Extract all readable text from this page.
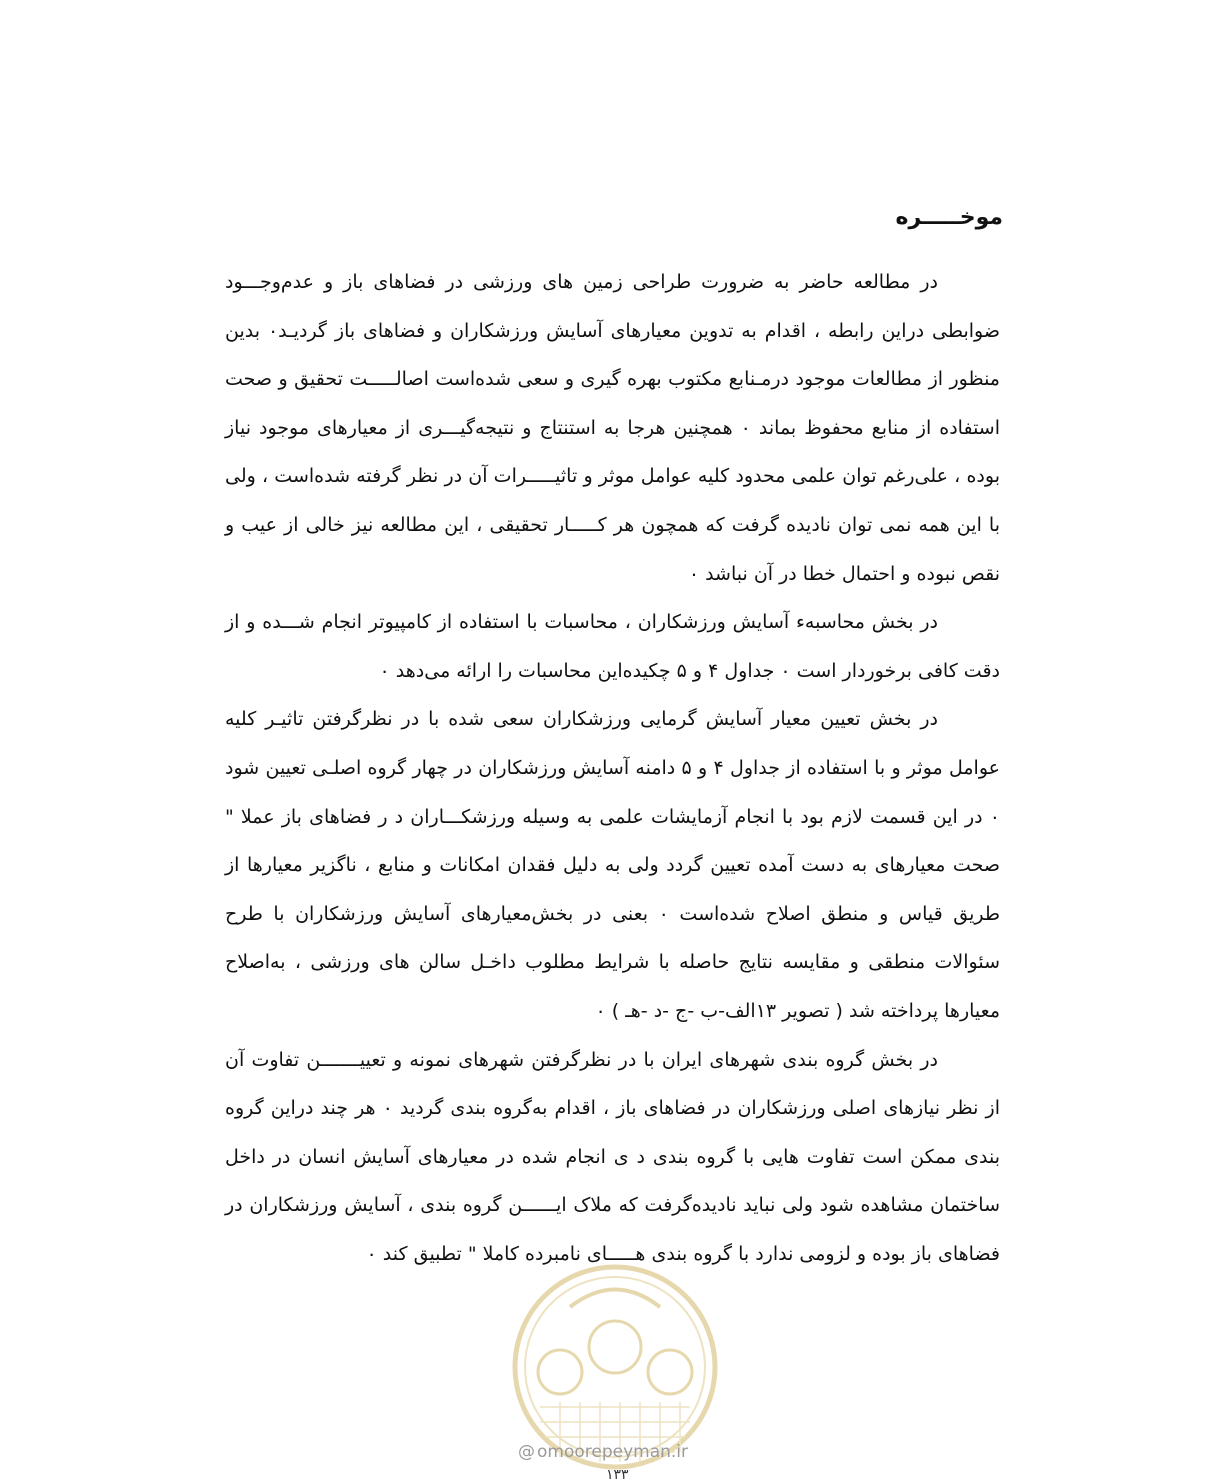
موخـــــره

در مطالعه حاضر به ضرورت طراحی زمین های ورزشی در فضاهای باز و عدم‌وجـــود ضوابطی دراین رابطه ، اقدام به تدوین معیارهای آسایش ورزشکاران و فضاهای باز گردیـد۰ بدین منظور از مطالعات موجود درمـنابع مکتوب بهره گیری و سعی شده‌است اصالـــــت تحقیق و صحت استفاده از منابع محفوظ بماند ۰ همچنین هرجا به استنتاج و نتیجه‌گیـــری از معیارهای موجود نیاز بوده ، علی‌رغم توان علمی محدود کلیه عوامل موثر و تاثیـــــرات آن در نظر گرفته شده‌است ، ولی با این همه نمی توان نادیده گرفت که همچون هر کـــــار تحقیقی ، این مطالعه نیز خالی از عیب و نقص نبوده و احتمال خطا در آن نباشد ۰

در بخش محاسبه‌ء آسایش ورزشکاران ، محاسبات با استفاده از کامپیوتر انجام شـــده و از دقت کافی برخوردار است ۰ جداول ۴ و ۵ چکیده‌این محاسبات را ارائه می‌دهد ۰

در بخش تعیین معیار آسایش گرمایی ورزشکاران سعی شده با در نظرگرفتن تاثیـر کلیه عوامل موثر و با استفاده از جداول ۴ و ۵ دامنه آسایش ورزشکاران در چهار گروه اصلـی تعیین شود ۰ در این قسمت لازم بود با انجام آزمایشات علمی به وسیله ورزشکـــاران د ر فضاهای باز عملا " صحت معیارهای به دست آمده تعیین گردد ولی به دلیل فقدان امکانات و منابع ، ناگزیر معیارها از طریق قیاس و منطق اصلاح شده‌است ۰ بعنی در بخش‌معیارهای آسایش ورزشکاران با طرح سئوالات منطقی و مقایسه نتایج حاصله با شرایط مطلوب داخـل سالن های ورزشی ، به‌اصلاح معیارها پرداخته شد ( تصویر ۱۳الف-ب -ج -د -هـ ) ۰

در بخش گروه بندی شهرهای ایران با در نظرگرفتن شهرهای نمونه و تعییـــــــن تفاوت آن از نظر نیازهای اصلی ورزشکاران در فضاهای باز ، اقدام به‌گروه بندی گردید ۰ هر چند دراین گروه بندی ممکن است تفاوت هایی با گروه بندی د ی انجام شده در معیارهای آسایش انسان در داخل ساختمان مشاهده شود ولی نباید نادیده‌گرفت که ملاک ایــــــن گروه بندی ، آسایش ورزشکاران در فضاهای باز بوده و لزومی ندارد با گروه بندی هـــــای نامبرده کاملا " تطبیق کند ۰

@ omoorepeyman.ir
۱۳۳
